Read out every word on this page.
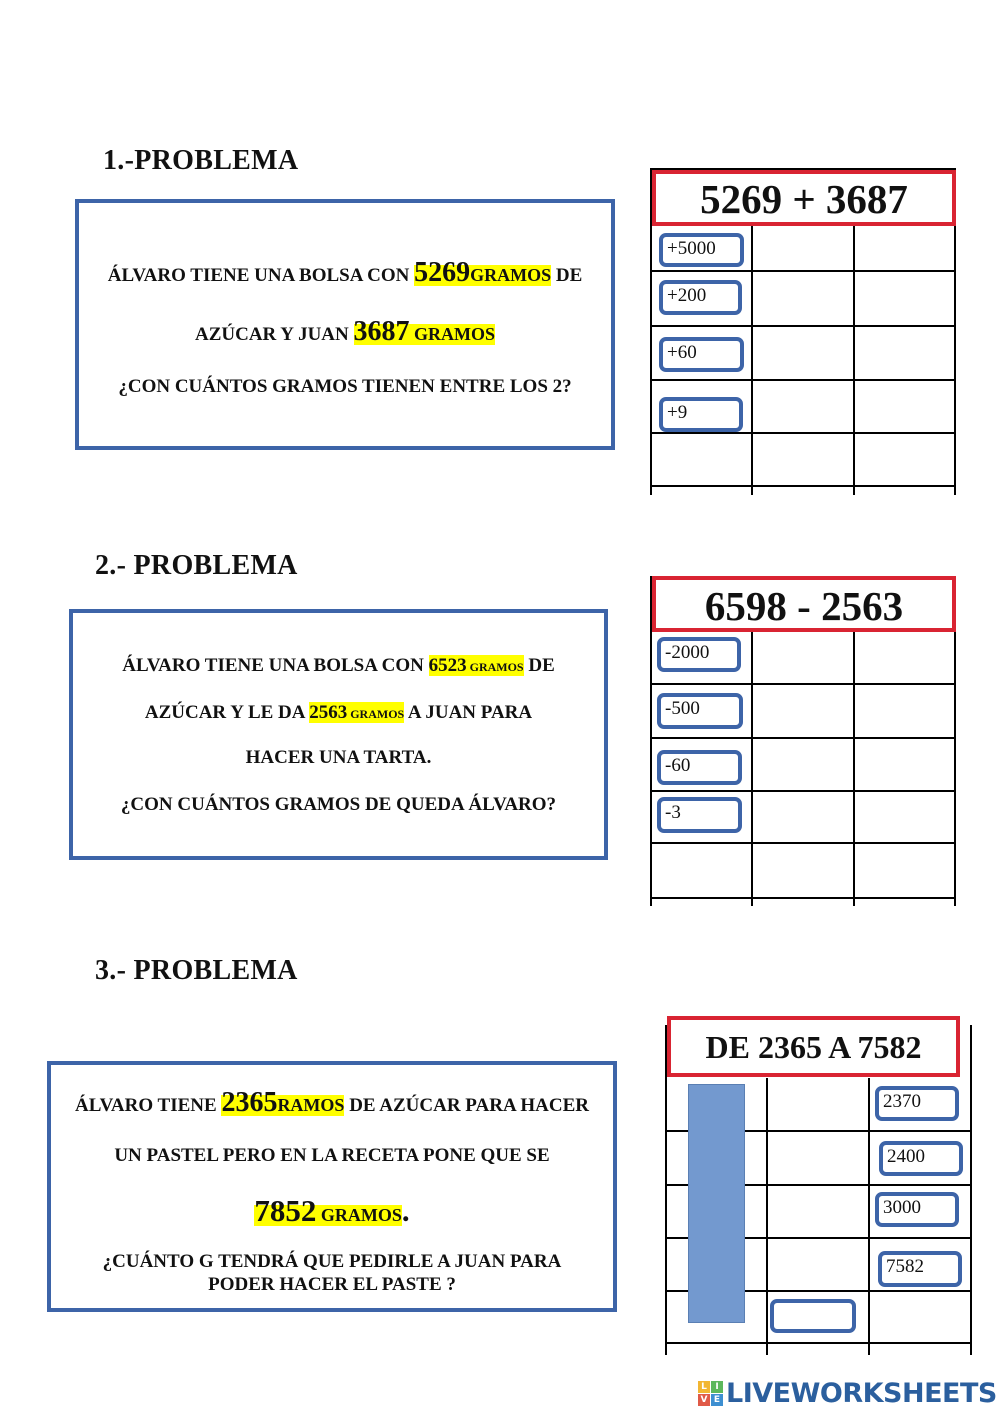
1.-PROBLEMA
ÁLVARO TIENE UNA BOLSA CON 5269GRAMOS DE
AZÚCAR Y JUAN 3687 GRAMOS
¿CON CUÁNTOS GRAMOS TIENEN ENTRE LOS 2?
5269 + 3687
+5000
+200
+60
+9
2.- PROBLEMA
ÁLVARO TIENE UNA BOLSA CON 6523 GRAMOS DE
AZÚCAR Y LE DA 2563 GRAMOS A JUAN PARA
HACER UNA TARTA.
¿CON CUÁNTOS GRAMOS DE QUEDA ÁLVARO?
6598 - 2563
-2000
-500
-60
-3
3.- PROBLEMA
ÁLVARO TIENE 2365RAMOS DE AZÚCAR PARA HACER
UN PASTEL PERO EN LA RECETA PONE QUE SE
7852 GRAMOS.
¿CUÁNTO G TENDRÁ QUE PEDIRLE A JUAN PARA
PODER HACER EL PASTE ?
DE 2365 A 7582
2370
2400
3000
7582
L I
V E LIVEWORKSHEETS
